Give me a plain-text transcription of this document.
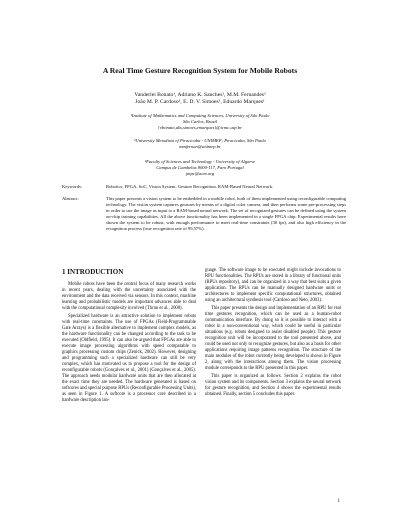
A Real Time Gesture Recognition System for Mobile Robots
Vanderlei Bonato¹, Adriano K. Sanches¹, M.M. Fernandes²
João M. P. Cardoso³, E. D. V. Simoes¹, Eduardo Marques¹
¹Institute of Mathematics and Computing Sciences, University of São Paulo
São Carlos, Brazil
{vbonato,aks,simoes,emarques}@icmc.usp.br
²University Metodista of Piracicaba - UNIMEP; Piracicaba, São Paulo
mmfernan@unimep.br
³Faculty of Sciences and Technology - University of Algarve
Campus de Gambelas 8000-117, Faro Portugal
jmpc@acm.org
Keywords:	Robotics, FPGA, SoC, Vision System, Gesture Recognition, RAM-Based Neural Network.
Abstract:	This paper presents a vision system to be embedded in a mobile robot, both of them implemented using reconfigurable computing technology. The vision system captures gestures by means of a digital color camera, and then performs some pre-processing steps in order to use the image as input to a RAM-based neural network. The set of recognized gestures can be defined using the system on-chip training capabilities. All the above functionality has been implemented in a single FPGA chip. Experimental results have shown the system to be robust, with enough performance to meet real-time constraints (30 fps), and also high efficiency in the recognition process (true recognition rate of 99.57%).
1 INTRODUCTION

Mobile robots have been the central focus of many research works in recent years, dealing with the uncertainty associated with the environment and the data received via sensors. In this context, machine learning and probabilistic models are important advances able to deal with the computational complexity involved (Thrun et al., 2000).

Specialized hardware is an attractive solution to implement robots with real-time constraints. The use of FPGAs (Field-Programmable Gate Arrays) is a flexible alternative to implement complex models, as the hardware functionality can be changed according to the task to be executed (Oldfield, 1995). It can also be argued that FPGAs are able to execute image processing algorithms with speed comparable to graphics processing custom chips (Zenick, 2002). However, designing and programming such a specialized hardware can still be very complex, which has motivated us to propose a tool for the design of reconfigurable robots (Gonçalves et al., 2001) (Gonçalves et al., 2005). The approach needs modular hardware units that are then allocated at the exact time they are needed. The hardware generated is based on softcores and special purpose RPUs (Reconfigurable Processing Units), as seen in Figure 1. A softcore is a processor core described in a hardware description lan-

guage. The software image to be executed might include invocations to RPU functionalities. The RPUs are stored in a library of functional units (RPUs repository), and can be organized in a way that best suits a given application. The RPUs can be manually designed hardware units or architectures to implement specific computational structures, obtained using an architectural synthesis tool (Cardoso and Neto, 2003).

This paper presents the design and implementation of an RPU for real time gestures recognition, which can be used as a human-robot communication interface. By doing so it is possible to interact with a robot in a non-conventional way, which could be useful in particular situations (e.g. robots designed to assist disabled people). This gesture recognition unit will be incorporated to the tool presented above, and could be used not only to recognize gestures, but also as a basis for other applications requiring image patterns recognition. The structure of the main modules of the robot currently being developed is shown in Figure 2, along with the interactions among them. The vision processing module corresponds to the RPU presented in this paper.

This paper is organized as follows. Section 2 explains the robot vision system and its components. Section 3 explains the neural network for gesture recognition, and Section 4 shows the experimental results obtained. Finally, section 5 concludes this paper.

1
